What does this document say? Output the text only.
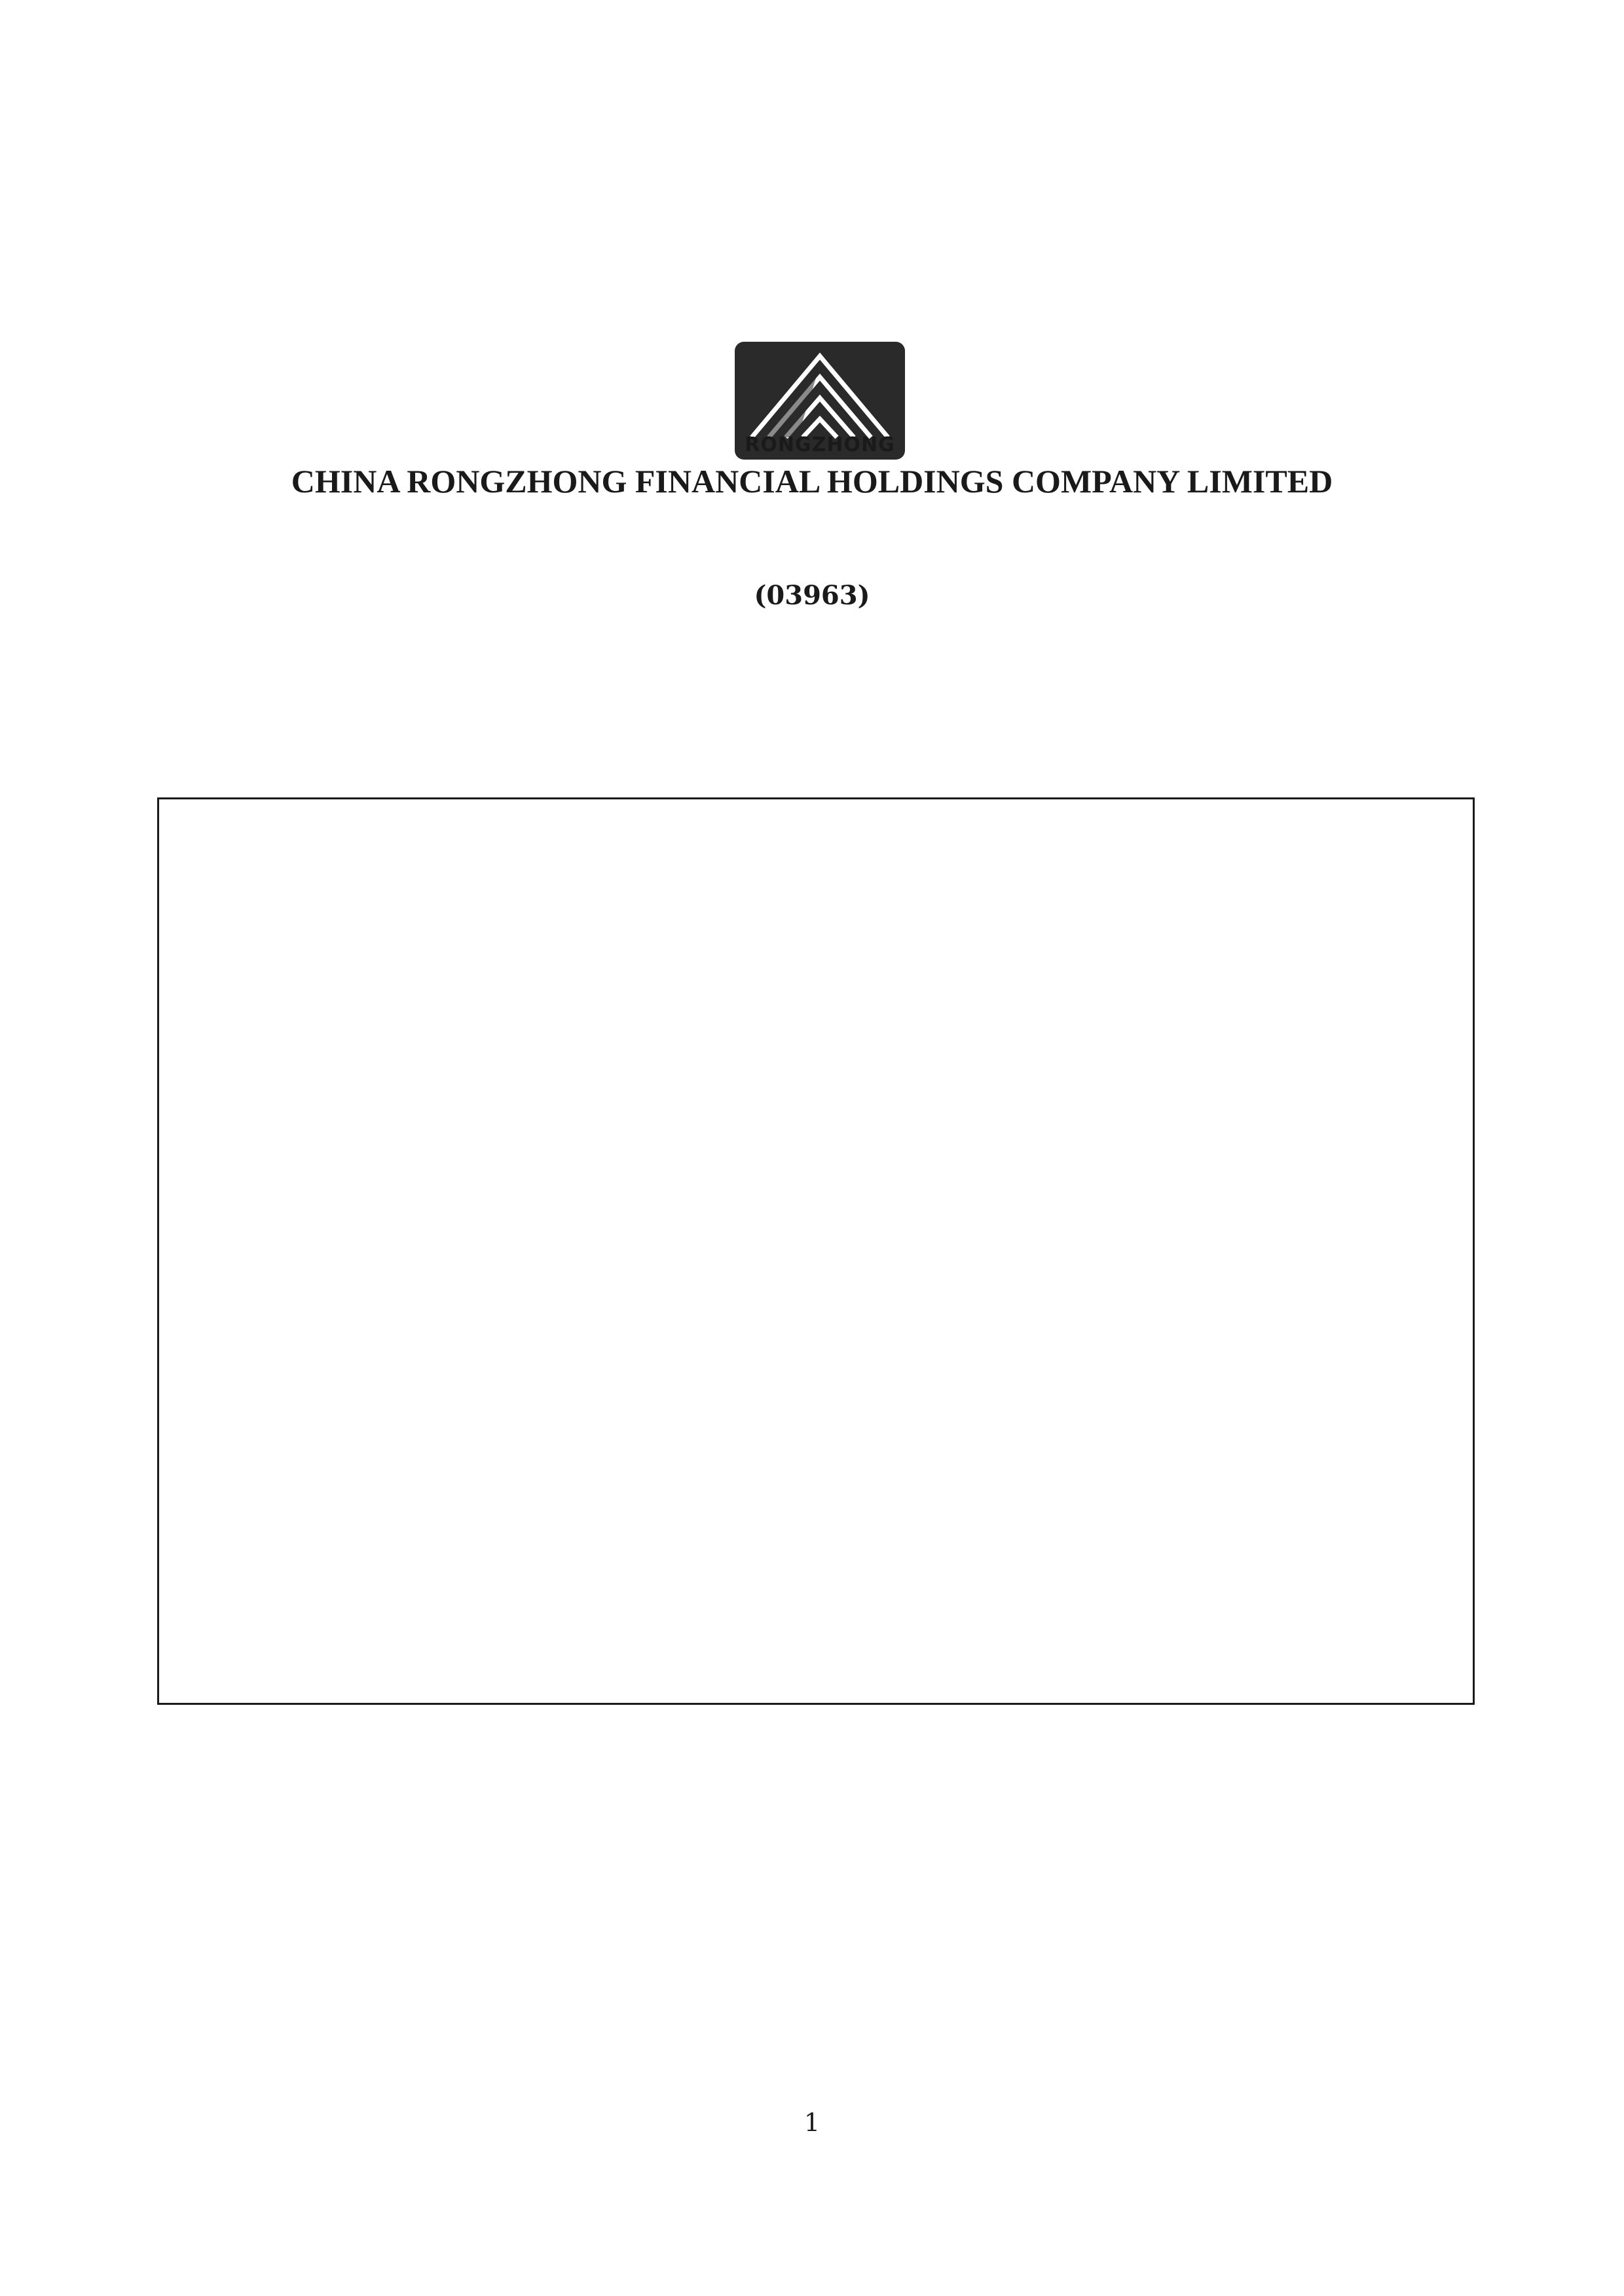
RONGZHONG
CHINA RONGZHONG FINANCIAL HOLDINGS COMPANY LIMITED
(03963)
1
